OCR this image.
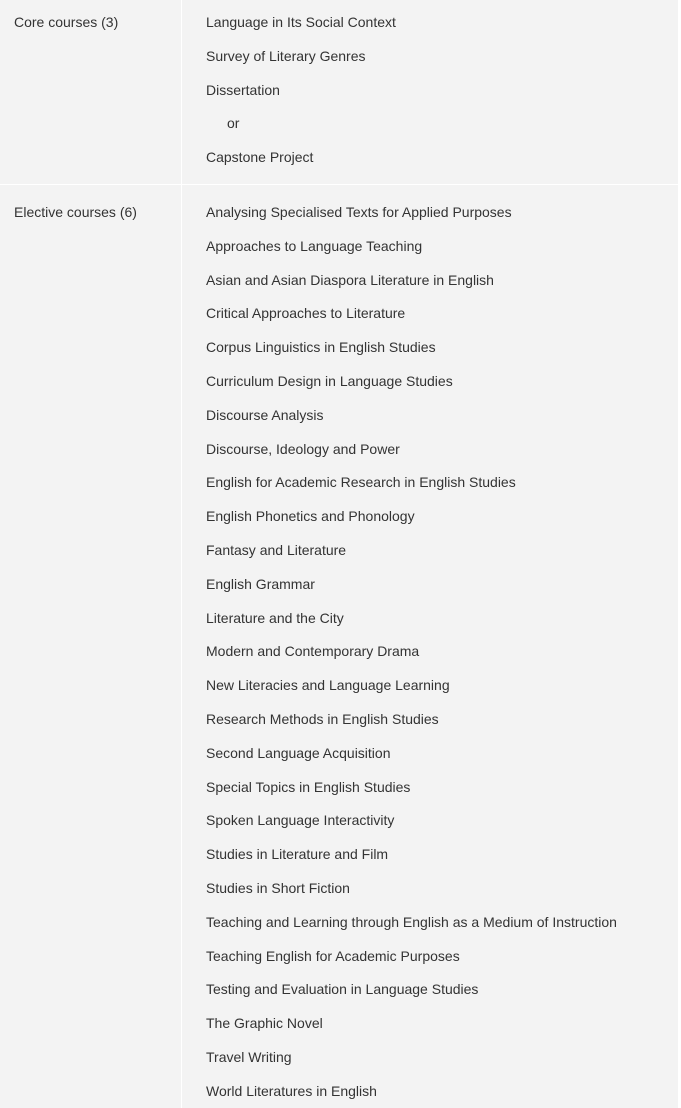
Core courses (3)	Language in Its Social Context
Survey of Literary Genres
Dissertation
or
Capstone Project
Elective courses (6)	Analysing Specialised Texts for Applied Purposes
Approaches to Language Teaching
Asian and Asian Diaspora Literature in English
Critical Approaches to Literature
Corpus Linguistics in English Studies
Curriculum Design in Language Studies
Discourse Analysis
Discourse, Ideology and Power
English for Academic Research in English Studies
English Phonetics and Phonology
Fantasy and Literature
English Grammar
Literature and the City
Modern and Contemporary Drama
New Literacies and Language Learning
Research Methods in English Studies
Second Language Acquisition
Special Topics in English Studies
Spoken Language Interactivity
Studies in Literature and Film
Studies in Short Fiction
Teaching and Learning through English as a Medium of Instruction
Teaching English for Academic Purposes
Testing and Evaluation in Language Studies
The Graphic Novel
Travel Writing
World Literatures in English
